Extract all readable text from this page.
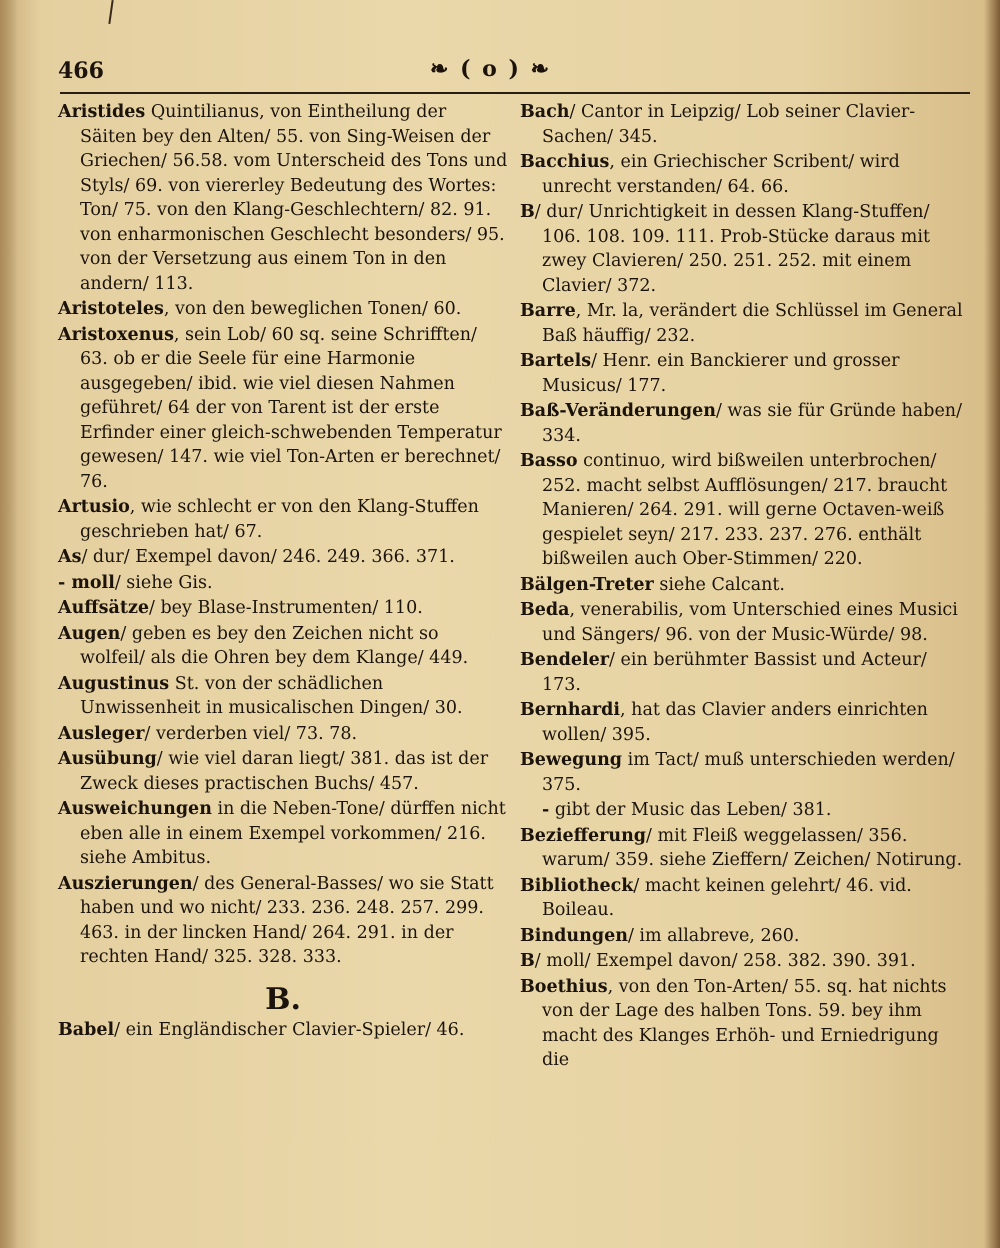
466	❧ ( o ) ❧
Aristides Quintilianus, von Eintheilung der Säiten bey den Alten/ 55. von Sing-Weisen der Griechen/ 56.58. vom Unterscheid des Tons und Styls/ 69. von viererley Bedeutung des Wortes: Ton/ 75. von den Klang-Geschlechtern/ 82. 91. von enharmonischen Geschlecht besonders/ 95. von der Versetzung aus einem Ton in den andern/ 113.
Aristoteles, von den beweglichen Tonen/ 60.
Aristoxenus, sein Lob/ 60 sq. seine Schrifften/ 63. ob er die Seele für eine Harmonie ausgegeben/ ibid. wie viel diesen Nahmen geführet/ 64 der von Tarent ist der erste Erfinder einer gleich-schwebenden Temperatur gewesen/ 147. wie viel Ton-Arten er berechnet/ 76.
Artusio, wie schlecht er von den Klang-Stuffen geschrieben hat/ 67.
As/ dur/ Exempel davon/ 246. 249. 366. 371.
- moll/ siehe Gis.
Auffsätze/ bey Blase-Instrumenten/ 110.
Augen/ geben es bey den Zeichen nicht so wolfeil/ als die Ohren bey dem Klange/ 449.
Augustinus St. von der schädlichen Unwissenheit in musicalischen Dingen/ 30.
Ausleger/ verderben viel/ 73. 78.
Ausübung/ wie viel daran liegt/ 381. das ist der Zweck dieses practischen Buchs/ 457.
Ausweichungen in die Neben-Tone/ dürffen nicht eben alle in einem Exempel vorkommen/ 216. siehe Ambitus.
Auszierungen/ des General-Basses/ wo sie Statt haben und wo nicht/ 233. 236. 248. 257. 299. 463. in der lincken Hand/ 264. 291. in der rechten Hand/ 325. 328. 333.
B.
Babel/ ein Engländischer Clavier-Spieler/ 46.
Bach/ Cantor in Leipzig/ Lob seiner Clavier-Sachen/ 345.
Bacchius, ein Griechischer Scribent/ wird unrecht verstanden/ 64. 66.
B/ dur/ Unrichtigkeit in dessen Klang-Stuffen/ 106. 108. 109. 111. Prob-Stücke daraus mit zwey Clavieren/ 250. 251. 252. mit einem Clavier/ 372.
Barre, Mr. la, verändert die Schlüssel im General Baß häuffig/ 232.
Bartels/ Henr. ein Banckierer und grosser Musicus/ 177.
Baß-Veränderungen/ was sie für Gründe haben/ 334.
Basso continuo, wird bißweilen unterbrochen/ 252. macht selbst Aufflösungen/ 217. braucht Manieren/ 264. 291. will gerne Octaven-weiß gespielet seyn/ 217. 233. 237. 276. enthält bißweilen auch Ober-Stimmen/ 220.
Bälgen-Treter siehe Calcant.
Beda, venerabilis, vom Unterschied eines Musici und Sängers/ 96. von der Music-Würde/ 98.
Bendeler/ ein berühmter Bassist und Acteur/ 173.
Bernhardi, hat das Clavier anders einrichten wollen/ 395.
Bewegung im Tact/ muß unterschieden werden/ 375.
- gibt der Music das Leben/ 381.
Beziefferung/ mit Fleiß weggelassen/ 356. warum/ 359. siehe Zieffern/ Zeichen/ Notirung.
Bibliotheck/ macht keinen gelehrt/ 46. vid. Boileau.
Bindungen/ im allabreve, 260.
B/ moll/ Exempel davon/ 258. 382. 390. 391.
Boethius, von den Ton-Arten/ 55. sq. hat nichts von der Lage des halben Tons. 59. bey ihm macht des Klanges Erhöh- und Erniedrigung die
